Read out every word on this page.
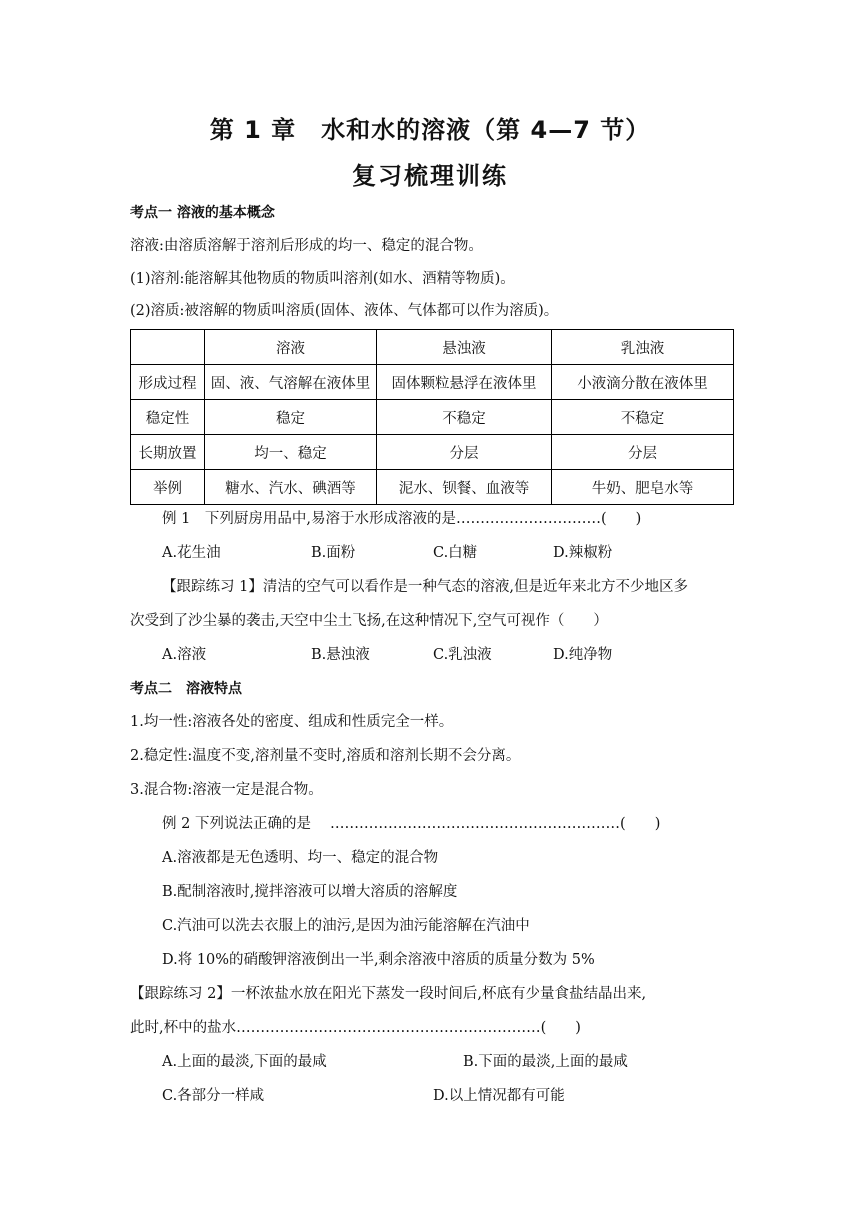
第 1 章　水和水的溶液（第 4—7 节）
复习梳理训练
考点一 溶液的基本概念
溶液:由溶质溶解于溶剂后形成的均一、稳定的混合物。
(1)溶剂:能溶解其他物质的物质叫溶剂(如水、酒精等物质)。
(2)溶质:被溶解的物质叫溶质(固体、液体、气体都可以作为溶质)。
	溶液	悬浊液	乳浊液
形成过程	固、液、气溶解在液体里	固体颗粒悬浮在液体里	小液滴分散在液体里
稳定性	稳定	不稳定	不稳定
长期放置	均一、稳定	分层	分层
举例	糖水、汽水、碘酒等	泥水、钡餐、血液等	牛奶、肥皂水等
例 1　下列厨房用品中,易溶于水形成溶液的是…………………………(　　)
A.花生油	B.面粉	C.白糖	D.辣椒粉
【跟踪练习 1】清洁的空气可以看作是一种气态的溶液,但是近年来北方不少地区多
次受到了沙尘暴的袭击,天空中尘土飞扬,在这种情况下,空气可视作（　　）
A.溶液	B.悬浊液	C.乳浊液	D.纯净物
考点二　溶液特点
1.均一性:溶液各处的密度、组成和性质完全一样。
2.稳定性:温度不变,溶剂量不变时,溶质和溶剂长期不会分离。
3.混合物:溶液一定是混合物。
例 2 下列说法正确的是　 ……………………………………………………(　　)
A.溶液都是无色透明、均一、稳定的混合物
B.配制溶液时,搅拌溶液可以增大溶质的溶解度
C.汽油可以洗去衣服上的油污,是因为油污能溶解在汽油中
D.将 10%的硝酸钾溶液倒出一半,剩余溶液中溶质的质量分数为 5%
【跟踪练习 2】一杯浓盐水放在阳光下蒸发一段时间后,杯底有少量食盐结晶出来,
此时,杯中的盐水………………………………………………………(　　)
A.上面的最淡,下面的最咸	B.下面的最淡,上面的最咸
C.各部分一样咸	D.以上情况都有可能
